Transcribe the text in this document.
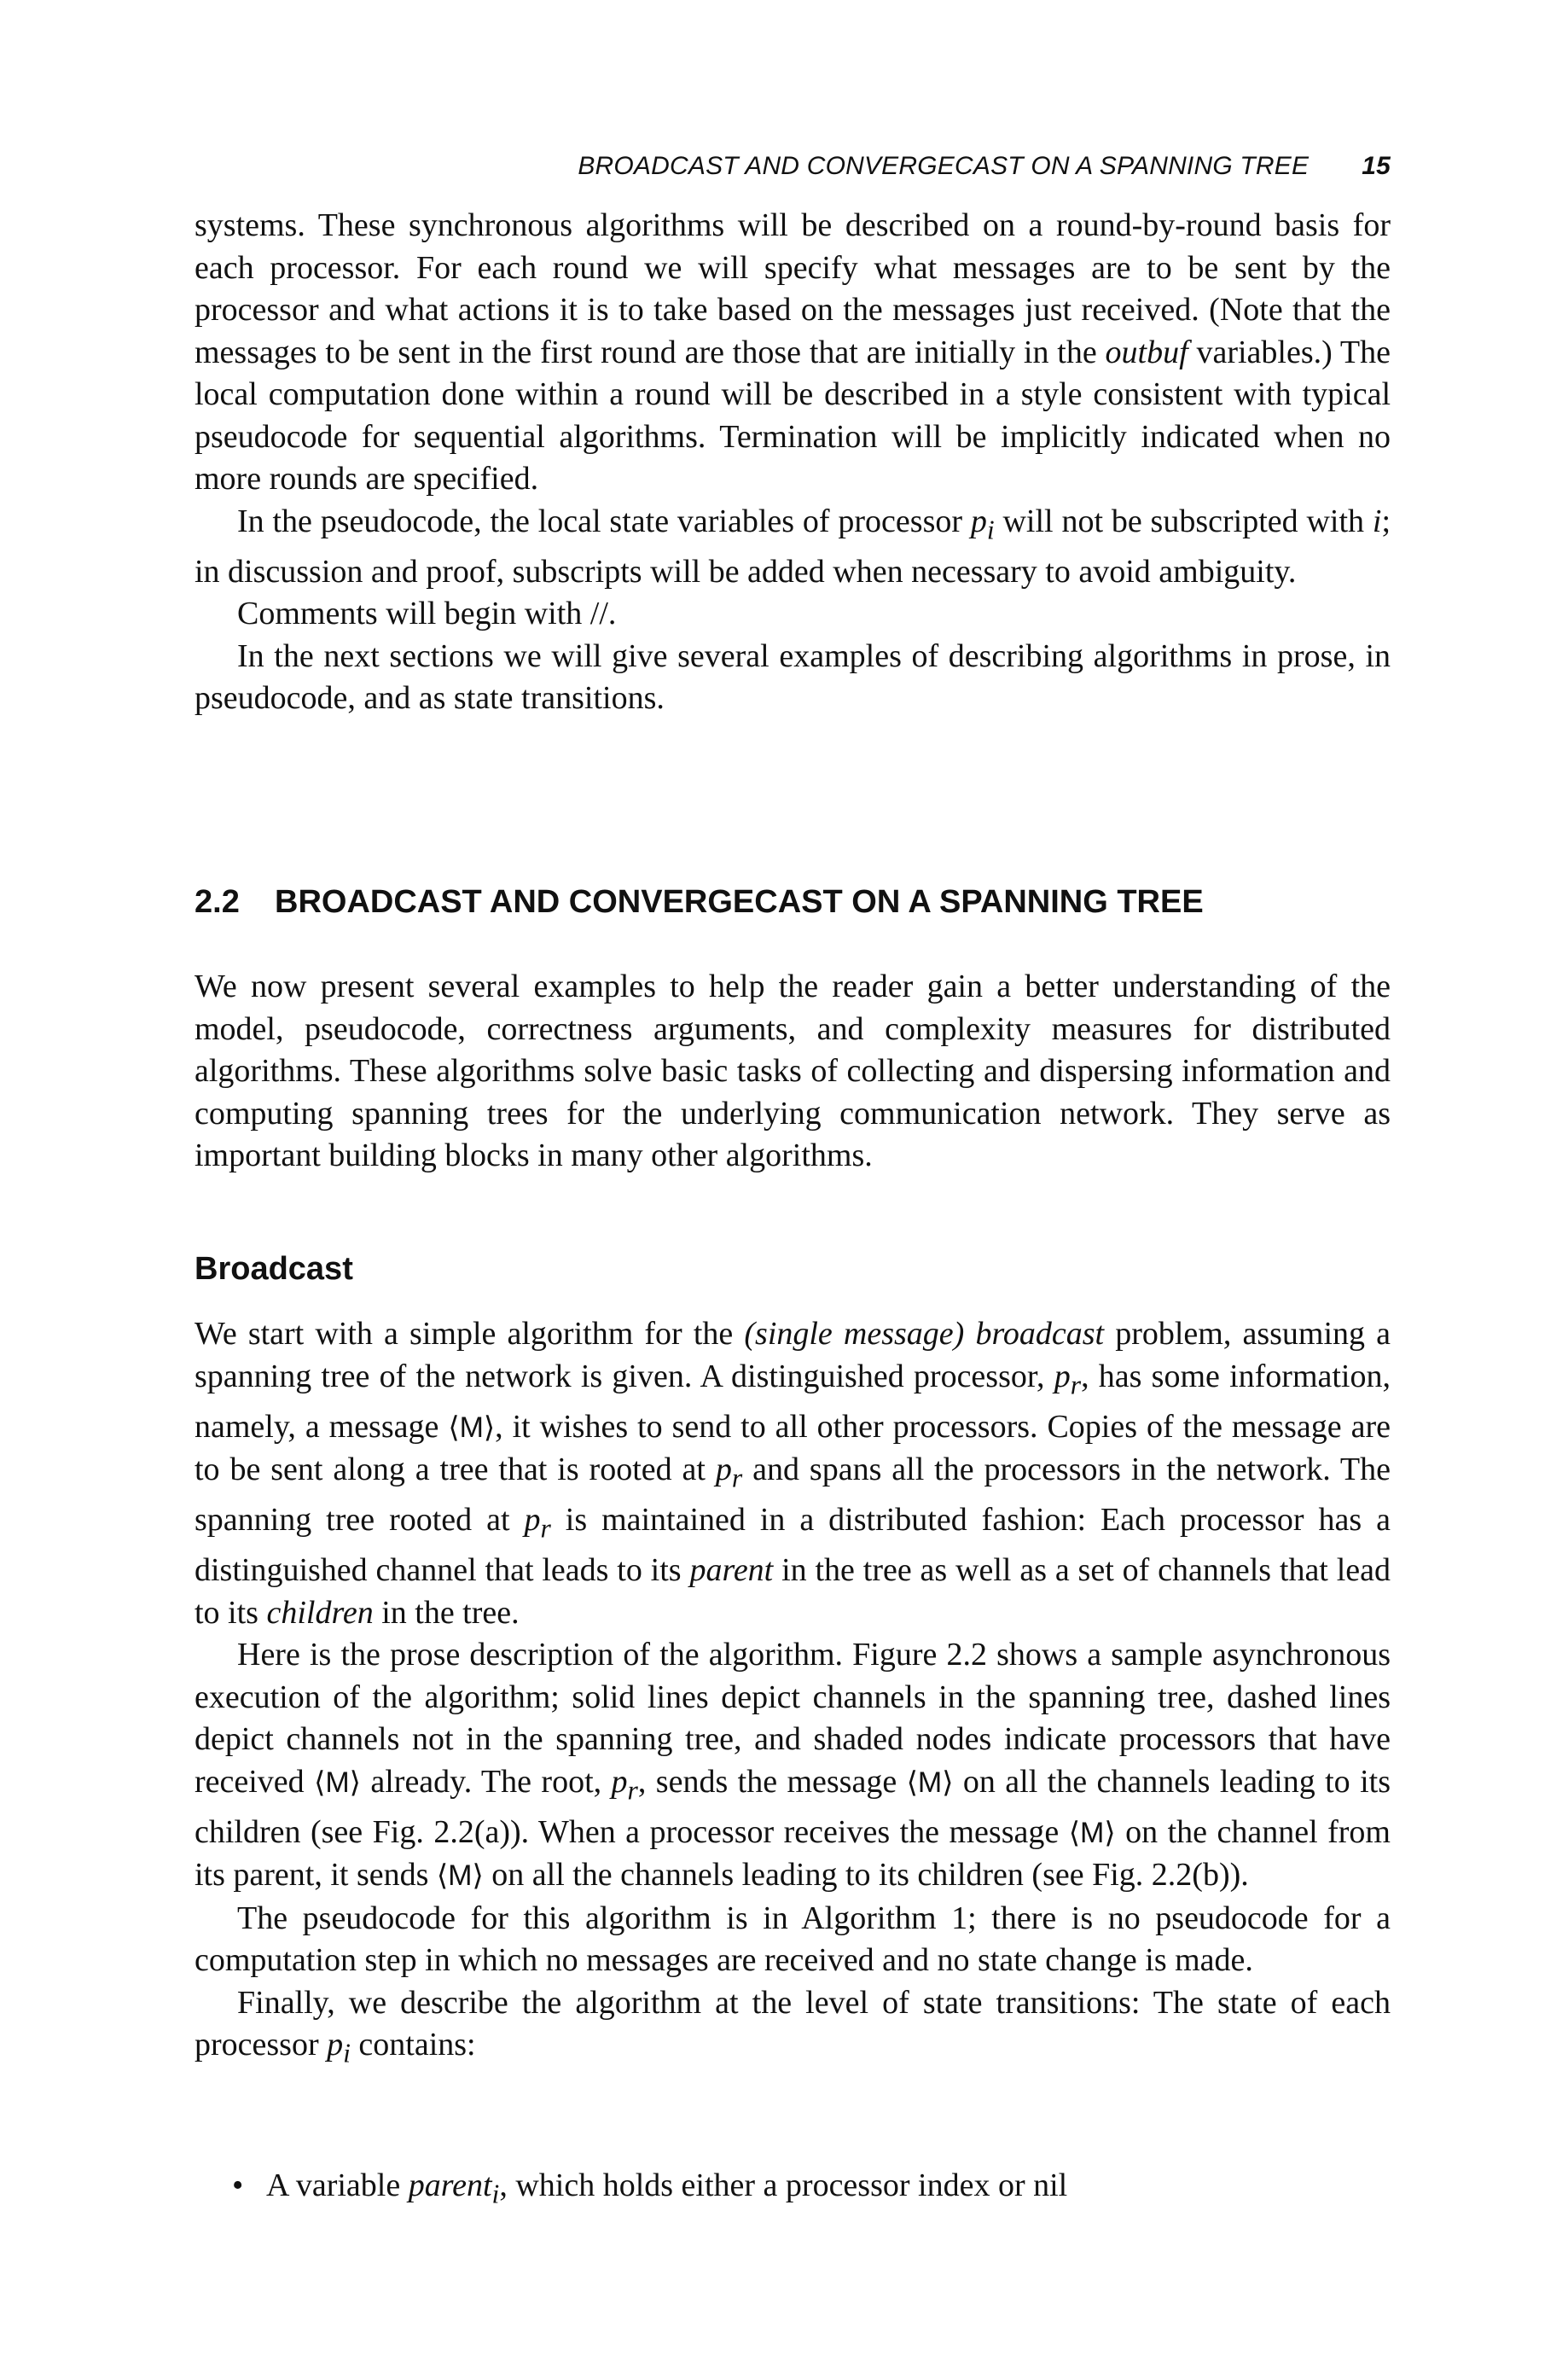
BROADCAST AND CONVERGECAST ON A SPANNING TREE 15

systems. These synchronous algorithms will be described on a round-by-round basis for each processor. For each round we will specify what messages are to be sent by the processor and what actions it is to take based on the messages just received. (Note that the messages to be sent in the first round are those that are initially in the outbuf variables.) The local computation done within a round will be described in a style consistent with typical pseudocode for sequential algorithms. Termination will be implicitly indicated when no more rounds are specified.

In the pseudocode, the local state variables of processor $p_i$ will not be subscripted with i; in discussion and proof, subscripts will be added when necessary to avoid ambiguity.

Comments will begin with //.

In the next sections we will give several examples of describing algorithms in prose, in pseudocode, and as state transitions.

2.2 BROADCAST AND CONVERGECAST ON A SPANNING TREE

We now present several examples to help the reader gain a better understanding of the model, pseudocode, correctness arguments, and complexity measures for distributed algorithms. These algorithms solve basic tasks of collecting and dispersing information and computing spanning trees for the underlying communication network. They serve as important building blocks in many other algorithms.

Broadcast

We start with a simple algorithm for the (single message) broadcast problem, assuming a spanning tree of the network is given. A distinguished processor, $p_r$, has some information, namely, a message ⟨M⟩, it wishes to send to all other processors. Copies of the message are to be sent along a tree that is rooted at $p_r$ and spans all the processors in the network. The spanning tree rooted at $p_r$ is maintained in a distributed fashion: Each processor has a distinguished channel that leads to its parent in the tree as well as a set of channels that lead to its children in the tree.

Here is the prose description of the algorithm. Figure 2.2 shows a sample asynchronous execution of the algorithm; solid lines depict channels in the spanning tree, dashed lines depict channels not in the spanning tree, and shaded nodes indicate processors that have received ⟨M⟩ already. The root, $p_r$, sends the message ⟨M⟩ on all the channels leading to its children (see Fig. 2.2(a)). When a processor receives the message ⟨M⟩ on the channel from its parent, it sends ⟨M⟩ on all the channels leading to its children (see Fig. 2.2(b)).

The pseudocode for this algorithm is in Algorithm 1; there is no pseudocode for a computation step in which no messages are received and no state change is made.

Finally, we describe the algorithm at the level of state transitions: The state of each processor $p_i$ contains:

• A variable parent$_i$, which holds either a processor index or nil
